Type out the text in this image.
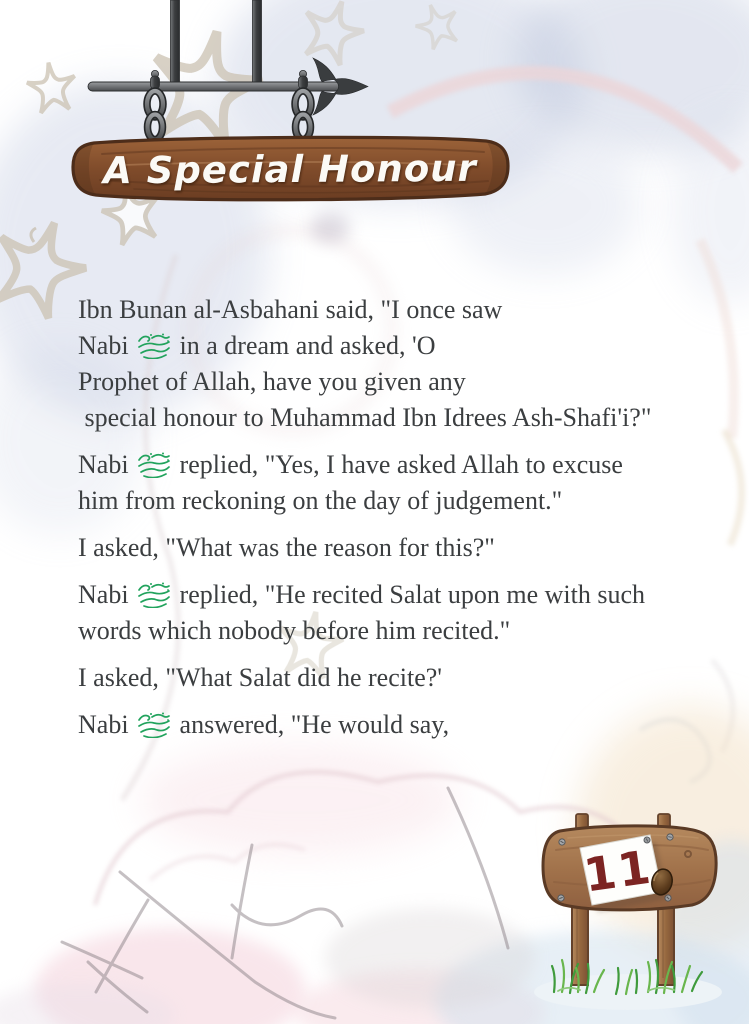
A Special Honour
Ibn Bunan al-Asbahani said, "I once saw
Nabi  in a dream and asked, 'O
Prophet of Allah, have you given any
special honour to Muhammad Ibn Idrees Ash-Shafi'i?"
Nabi  replied, "Yes, I have asked Allah to excuse
him from reckoning on the day of judgement."
I asked, "What was the reason for this?"
Nabi  replied, "He recited Salat upon me with such
words which nobody before him recited."
I asked, "What Salat did he recite?'
Nabi  answered, "He would say,
11
